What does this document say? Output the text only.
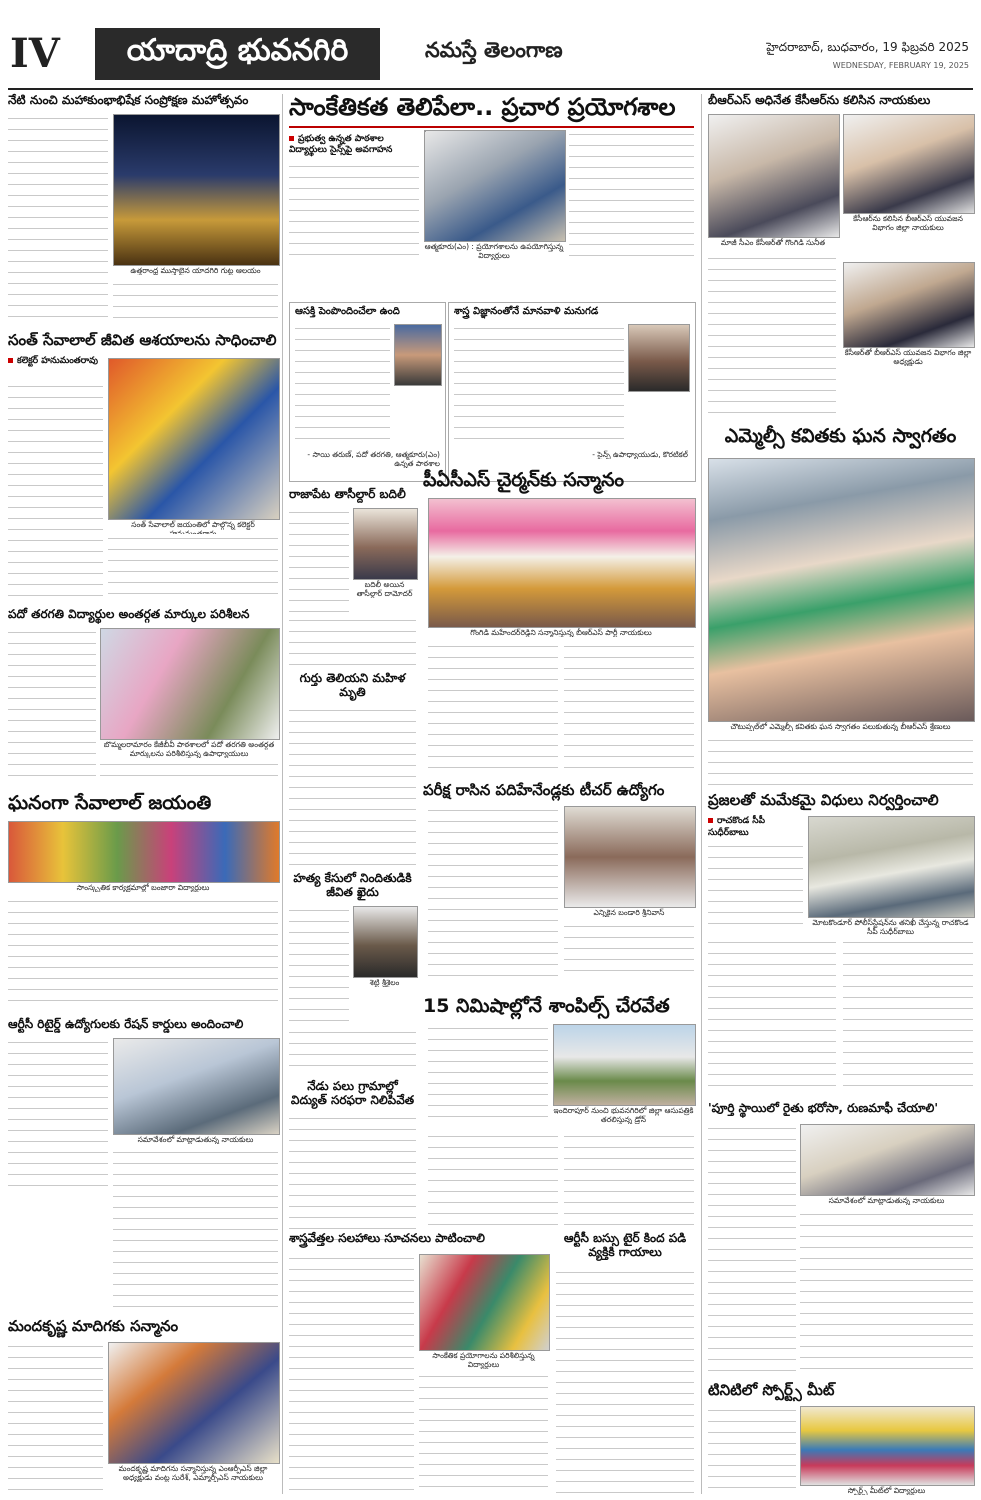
IV	యాదాద్రి భువనగిరి	నమస్తే తెలంగాణ	హైదరాబాద్, బుధవారం, 19 ఫిబ్రవరి 2025
WEDNESDAY, FEBRUARY 19, 2025
నేటి నుంచి మహాకుంభాభిషేక సంప్రోక్షణ మహోత్సవం
ఉత్తరాంధ్ర ముస్తాబైన యాదగిరి గుట్ట ఆలయం
సంత్ సేవాలాల్ జీవిత ఆశయాలను సాధించాలి
కలెక్టర్ హనుమంతరావు
సంత్ సేవాలాల్ జయంతిలో పాల్గొన్న కలెక్టర్
పదో తరగతి విద్యార్థుల అంతర్గత మార్కుల పరిశీలన
బొమ్మలరామారం కేజీబీవీ పాఠశాలలో పదో తరగతి అంతర్గత మార్కులను పరిశీలిస్తున్న ఉపాధ్యాయులు
ఘనంగా సేవాలాల్ జయంతి
సాంస్కృతిక కార్యక్రమాల్లో బంజారా విద్యార్థులు
ఆర్టీసీ రిటైర్డ్ ఉద్యోగులకు రేషన్ కార్డులు అందించాలి
సమావేశంలో మాట్లాడుతున్న నాయకులు
మందకృష్ణ మాదిగకు సన్మానం
మందకృష్ణ మాదిగను సన్మానిస్తున్న ఎంఆర్పీఎస్ జిల్లా అధ్యక్షుడు వంట్ల సురేశ్, ఎమ్మార్పీఎస్ నాయకులు
సాంకేతికత తెలిపేలా.. ప్రచార ప్రయోగశాల
ప్రభుత్వ ఉన్నత పాఠశాల విద్యార్థులు సైన్స్‌పై అవగాహన
ఆత్మకూరు(ఎం) : ప్రయోగశాలను ఉపయోగిస్తున్న విద్యార్థులు
ఆసక్తి పెంపొందించేలా ఉంది
- సాయి తరుణ్, పదో తరగతి, ఆత్మకూరు(ఎం) ఉన్నత పాఠశాల
శాస్త్ర విజ్ఞానంతోనే మానవాళి మనుగడ
- సైన్స్ ఉపాధ్యాయుడు, కొరటికల్
రాజాపేట తాసీల్దార్ బదిలీ
బదిలీ అయిన తాసీల్దార్ దామోదర్
గుర్తు తెలియని మహిళ మృతి
హత్య కేసులో నిందితుడికి జీవిత ఖైదు
శెట్టి శ్రీశైలం
నేడు పలు గ్రామాల్లో విద్యుత్ సరఫరా నిలిపివేత
పీఏసీఎస్ చైర్మన్‌కు సన్మానం
గొంగిడి మహేందర్‌రెడ్డిని సన్మానిస్తున్న బీఆర్ఎస్ పార్టీ నాయకులు
పరీక్ష రాసిన పదిహేనేండ్లకు టీచర్ ఉద్యోగం
ఎన్నికైన బండారి శ్రీనివాస్
15 నిమిషాల్లోనే శాంపిల్స్ చేరవేత
ఇందిరాపూర్ నుంచి భువనగిరిలో జిల్లా ఆసుపత్రికి తరలిస్తున్న డ్రోన్
శాస్త్రవేత్తల సలహాలు సూచనలు పాటించాలి
సాంకేతిక ప్రయోగాలను పరిశీలిస్తున్న విద్యార్థులు
ఆర్టీసీ బస్సు టైర్ కింద పడి వ్యక్తికి గాయాలు
బీఆర్ఎస్ అధినేత కేసీఆర్‌ను కలిసిన నాయకులు
మాజీ సీఎం కేసీఆర్‌తో గొంగిడి సునీత
కేసీఆర్‌ను కలిసిన బీఆర్ఎస్ యువజన విభాగం జిల్లా నాయకులు
కేసీఆర్‌తో బీఆర్ఎస్ యువజన విభాగం జిల్లా అధ్యక్షుడు
ఎమ్మెల్సీ కవితకు ఘన స్వాగతం
చౌటుప్పల్‌లో ఎమ్మెల్సీ కవితకు ఘన స్వాగతం పలుకుతున్న బీఆర్ఎస్ శ్రేణులు
ప్రజలతో మమేకమై విధులు నిర్వర్తించాలి
రాచకొండ సీపీ సుధీర్‌బాబు
మోటకొండూర్ పోలీస్‌స్టేషన్‌ను తనిఖీ చేస్తున్న రాచకొండ సీపీ సుధీర్‌బాబు
'పూర్తి స్థాయిలో రైతు భరోసా, రుణమాఫీ చేయాలి'
సమావేశంలో మాట్లాడుతున్న నాయకులు
టినిటిలో స్పోర్ట్స్ మీట్
స్పోర్ట్స్ మీట్‌లో విద్యార్థులు
